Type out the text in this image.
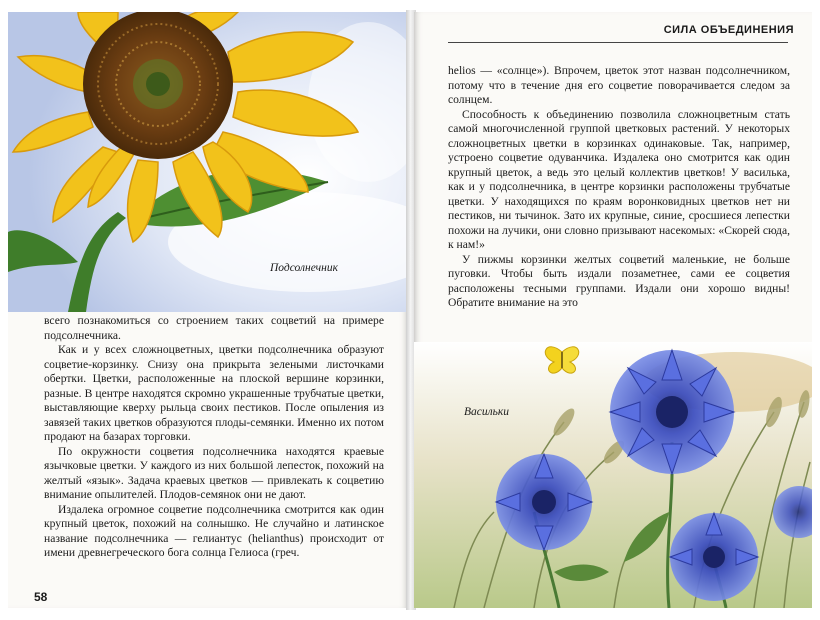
Подсолнечник

всего познакомиться со строением таких соцветий на примере подсолнечника.

Как и у всех сложноцветных, цветки подсолнечника образуют соцветие-корзинку. Снизу она прикрыта зелеными листочками обертки. Цветки, расположенные на плоской вершине корзинки, разные. В центре находятся скромно украшенные трубчатые цветки, выставляющие кверху рыльца своих пестиков. После опыления из завязей таких цветков образуются плоды-семянки. Именно их потом продают на базарах торговки.

По окружности соцветия подсолнечника находятся краевые язычковые цветки. У каждого из них большой лепесток, похожий на желтый «язык». Задача краевых цветков — привлекать к соцветию внимание опылителей. Плодов-семянок они не дают.

Издалека огромное соцветие подсолнечника смотрится как один крупный цветок, похожий на солнышко. Не случайно и латинское название подсолнечника — гелиантус (helianthus) происходит от имени древнегреческого бога солнца Гелиоса (греч.

58
СИЛА ОБЪЕДИНЕНИЯ

helios — «солнце»). Впрочем, цветок этот назван подсолнечником, потому что в течение дня его соцветие поворачивается следом за солнцем.

Способность к объединению позволила сложноцветным стать самой многочисленной группой цветковых растений. У некоторых сложноцветных цветки в корзинках одинаковые. Так, например, устроено соцветие одуванчика. Издалека оно смотрится как один крупный цветок, а ведь это целый коллектив цветков! У василька, как и у подсолнечника, в центре корзинки расположены трубчатые цветки. У находящихся по краям воронковидных цветков нет ни пестиков, ни тычинок. Зато их крупные, синие, сросшиеся лепестки похожи на лучики, они словно призывают насекомых: «Скорей сюда, к нам!»

У пижмы корзинки желтых соцветий маленькие, не больше пуговки. Чтобы быть издали позаметнее, сами ее соцветия расположены тесными группами. Издали они хорошо видны! Обратите внимание на это

Васильки
